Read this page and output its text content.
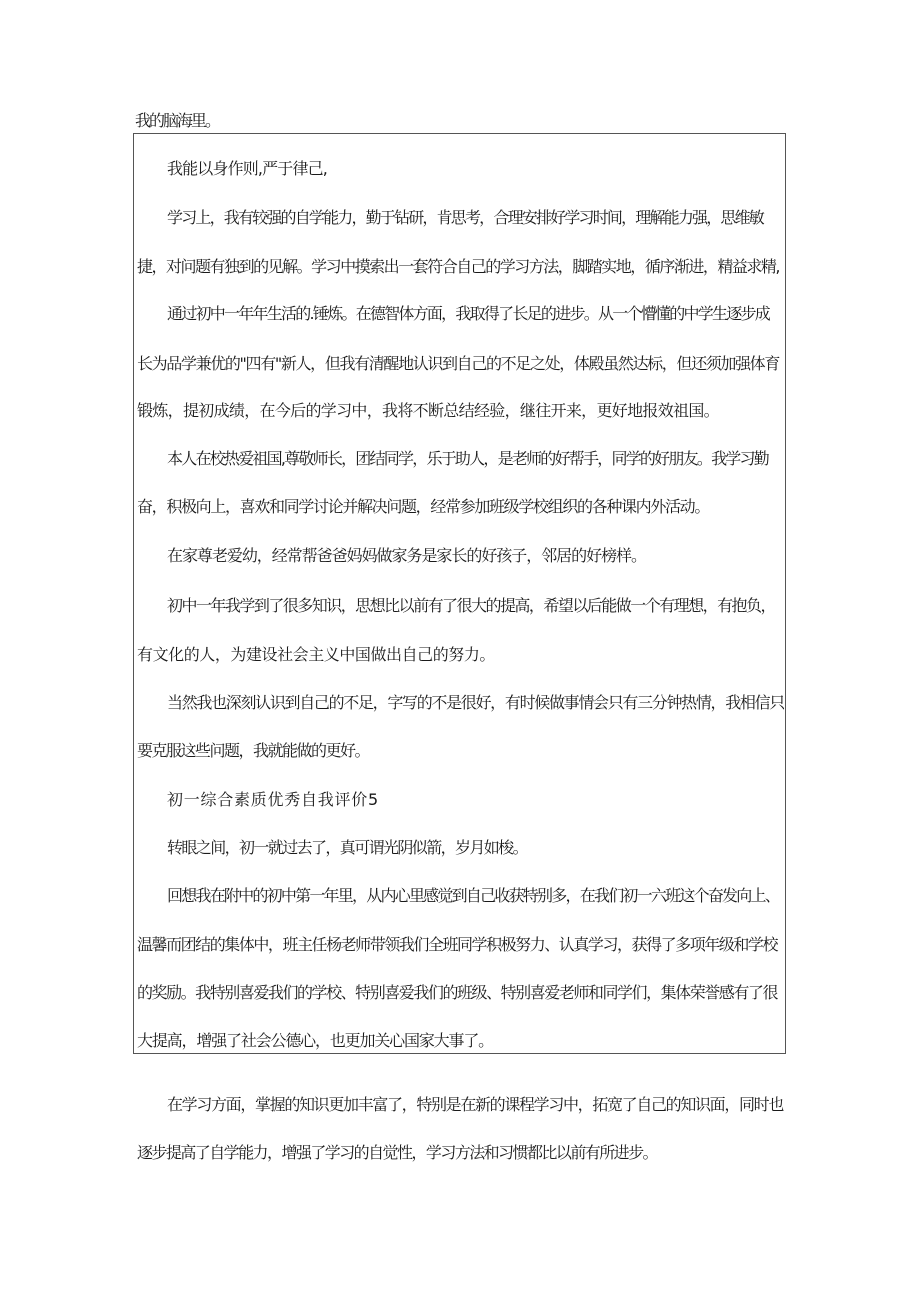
我的脑海里。
我能以身作则,严于律己,
学习上，我有较强的自学能力，勤于钻研，肯思考，合理安排好学习时间，理解能力强，思维敏
捷，对问题有独到的见解。学习中摸索出一套符合自己的学习方法，脚踏实地，循序渐进，精益求精,
通过初中一年年生活的.锤炼。在德智体方面，我取得了长足的进步。从一个懵懂的中学生逐步成
长为品学兼优的"四有"新人，但我有清醒地认识到自己的不足之处，体殿虽然达标，但还须加强体育
锻炼，提初成绩，在今后的学习中，我将不断总结经验，继往开来，更好地报效祖国。
本人在校热爱祖国,尊敬师长，团结同学，乐于助人，是老师的好帮手，同学的好朋友。我学习勤
奋，积极向上，喜欢和同学讨论并解决问题，经常参加班级学校组织的各种课内外活动。
在家尊老爱幼，经常帮爸爸妈妈做家务是家长的好孩子，邻居的好榜样。
初中一年我学到了很多知识，思想比以前有了很大的提高，希望以后能做一个有理想，有抱负，
有文化的人，为建设社会主义中国做出自己的努力。
当然我也深刻认识到自己的不足，字写的不是很好，有时候做事情会只有三分钟热情，我相信只
要克服这些问题，我就能做的更好。
初一综合素质优秀自我评价5
转眼之间，初一就过去了，真可谓光阴似箭，岁月如梭。
回想我在附中的初中第一年里，从内心里感觉到自己收获特别多，在我们初一六班这个奋发向上、
温馨而团结的集体中，班主任杨老师带领我们全班同学积极努力、认真学习，获得了多项年级和学校
的奖励。我特别喜爱我们的学校、特别喜爱我们的班级、特别喜爱老师和同学们，集体荣誉感有了很
大提高，增强了社会公德心，也更加关心国家大事了。
在学习方面，掌握的知识更加丰富了，特别是在新的课程学习中，拓宽了自己的知识面，同时也
逐步提高了自学能力，增强了学习的自觉性，学习方法和习惯都比以前有所进步。
